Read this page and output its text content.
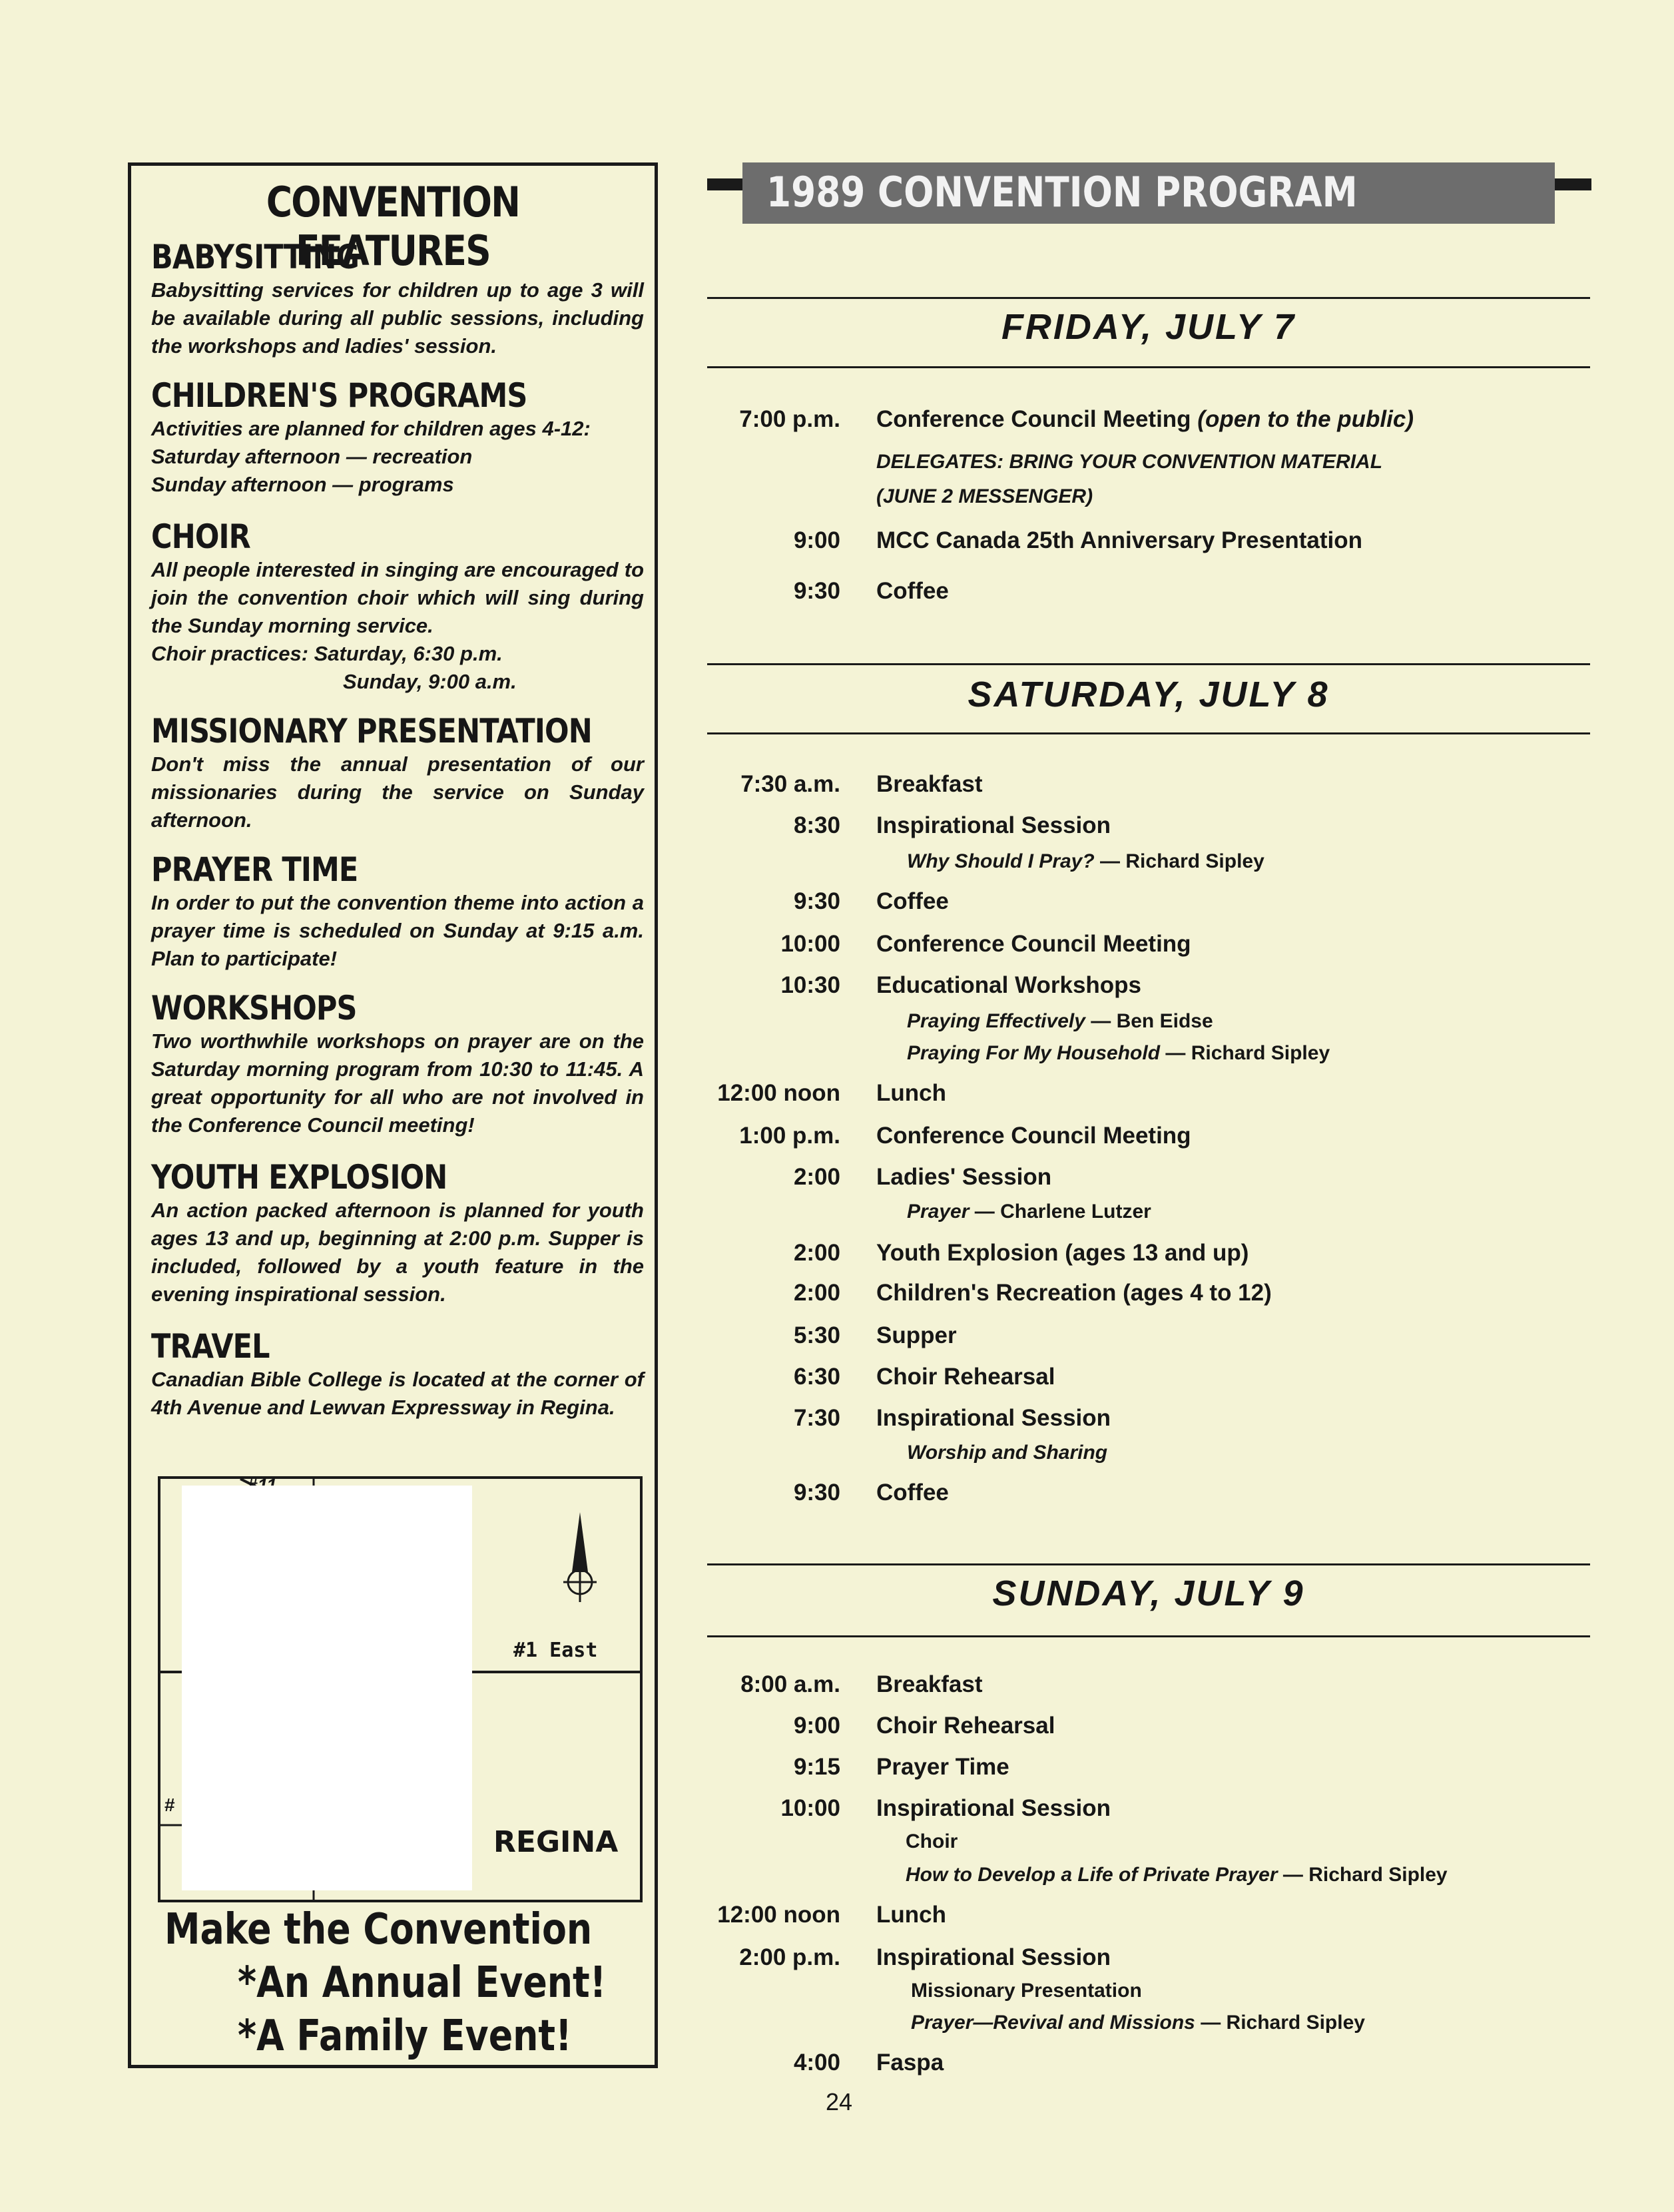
CONVENTION FEATURES
BABYSITTING

Babysitting services for children up to age 3 will be available during all public sessions, including the workshops and ladies' session.

CHILDREN'S PROGRAMS

Activities are planned for children ages 4-12:
Saturday afternoon — recreation
Sunday afternoon — programs

CHOIR

All people interested in singing are encouraged to join the convention choir which will sing during the Sunday morning service.
Choir practices: Saturday, 6:30 p.m.
Sunday, 9:00 a.m.

MISSIONARY PRESENTATION

Don't miss the annual presentation of our missionaries during the service on Sunday afternoon.

PRAYER TIME

In order to put the convention theme into action a prayer time is scheduled on Sunday at 9:15 a.m. Plan to participate!

WORKSHOPS

Two worthwhile workshops on prayer are on the Saturday morning program from 10:30 to 11:45. A great opportunity for all who are not involved in the Conference Council meeting!

YOUTH EXPLOSION

An action packed afternoon is planned for youth ages 13 and up, beginning at 2:00 p.m. Supper is included, followed by a youth feature in the evening inspirational session.

TRAVEL

Canadian Bible College is located at the corner of 4th Avenue and Lewvan Expressway in Regina.

#1 East
#
REGINA
Make the Convention
*An Annual Event!
*A Family Event!
1989 CONVENTION PROGRAM
FRIDAY, JULY 7
7:00 p.m. Conference Council Meeting (open to the public)
DELEGATES: BRING YOUR CONVENTION MATERIAL
(JUNE 2 MESSENGER)
9:00 MCC Canada 25th Anniversary Presentation
9:30 Coffee
SATURDAY, JULY 8
7:30 a.m. Breakfast
8:30 Inspirational Session
Why Should I Pray? — Richard Sipley
9:30 Coffee
10:00 Conference Council Meeting
10:30 Educational Workshops
Praying Effectively — Ben Eidse
Praying For My Household — Richard Sipley
12:00 noon Lunch
1:00 p.m. Conference Council Meeting
2:00 Ladies' Session
Prayer — Charlene Lutzer
2:00 Youth Explosion (ages 13 and up)
2:00 Children's Recreation (ages 4 to 12)
5:30 Supper
6:30 Choir Rehearsal
7:30 Inspirational Session
Worship and Sharing
9:30 Coffee
SUNDAY, JULY 9
8:00 a.m. Breakfast
9:00 Choir Rehearsal
9:15 Prayer Time
10:00 Inspirational Session
Choir
How to Develop a Life of Private Prayer — Richard Sipley
12:00 noon Lunch
2:00 p.m. Inspirational Session
Missionary Presentation
Prayer—Revival and Missions — Richard Sipley
4:00 Faspa
24
